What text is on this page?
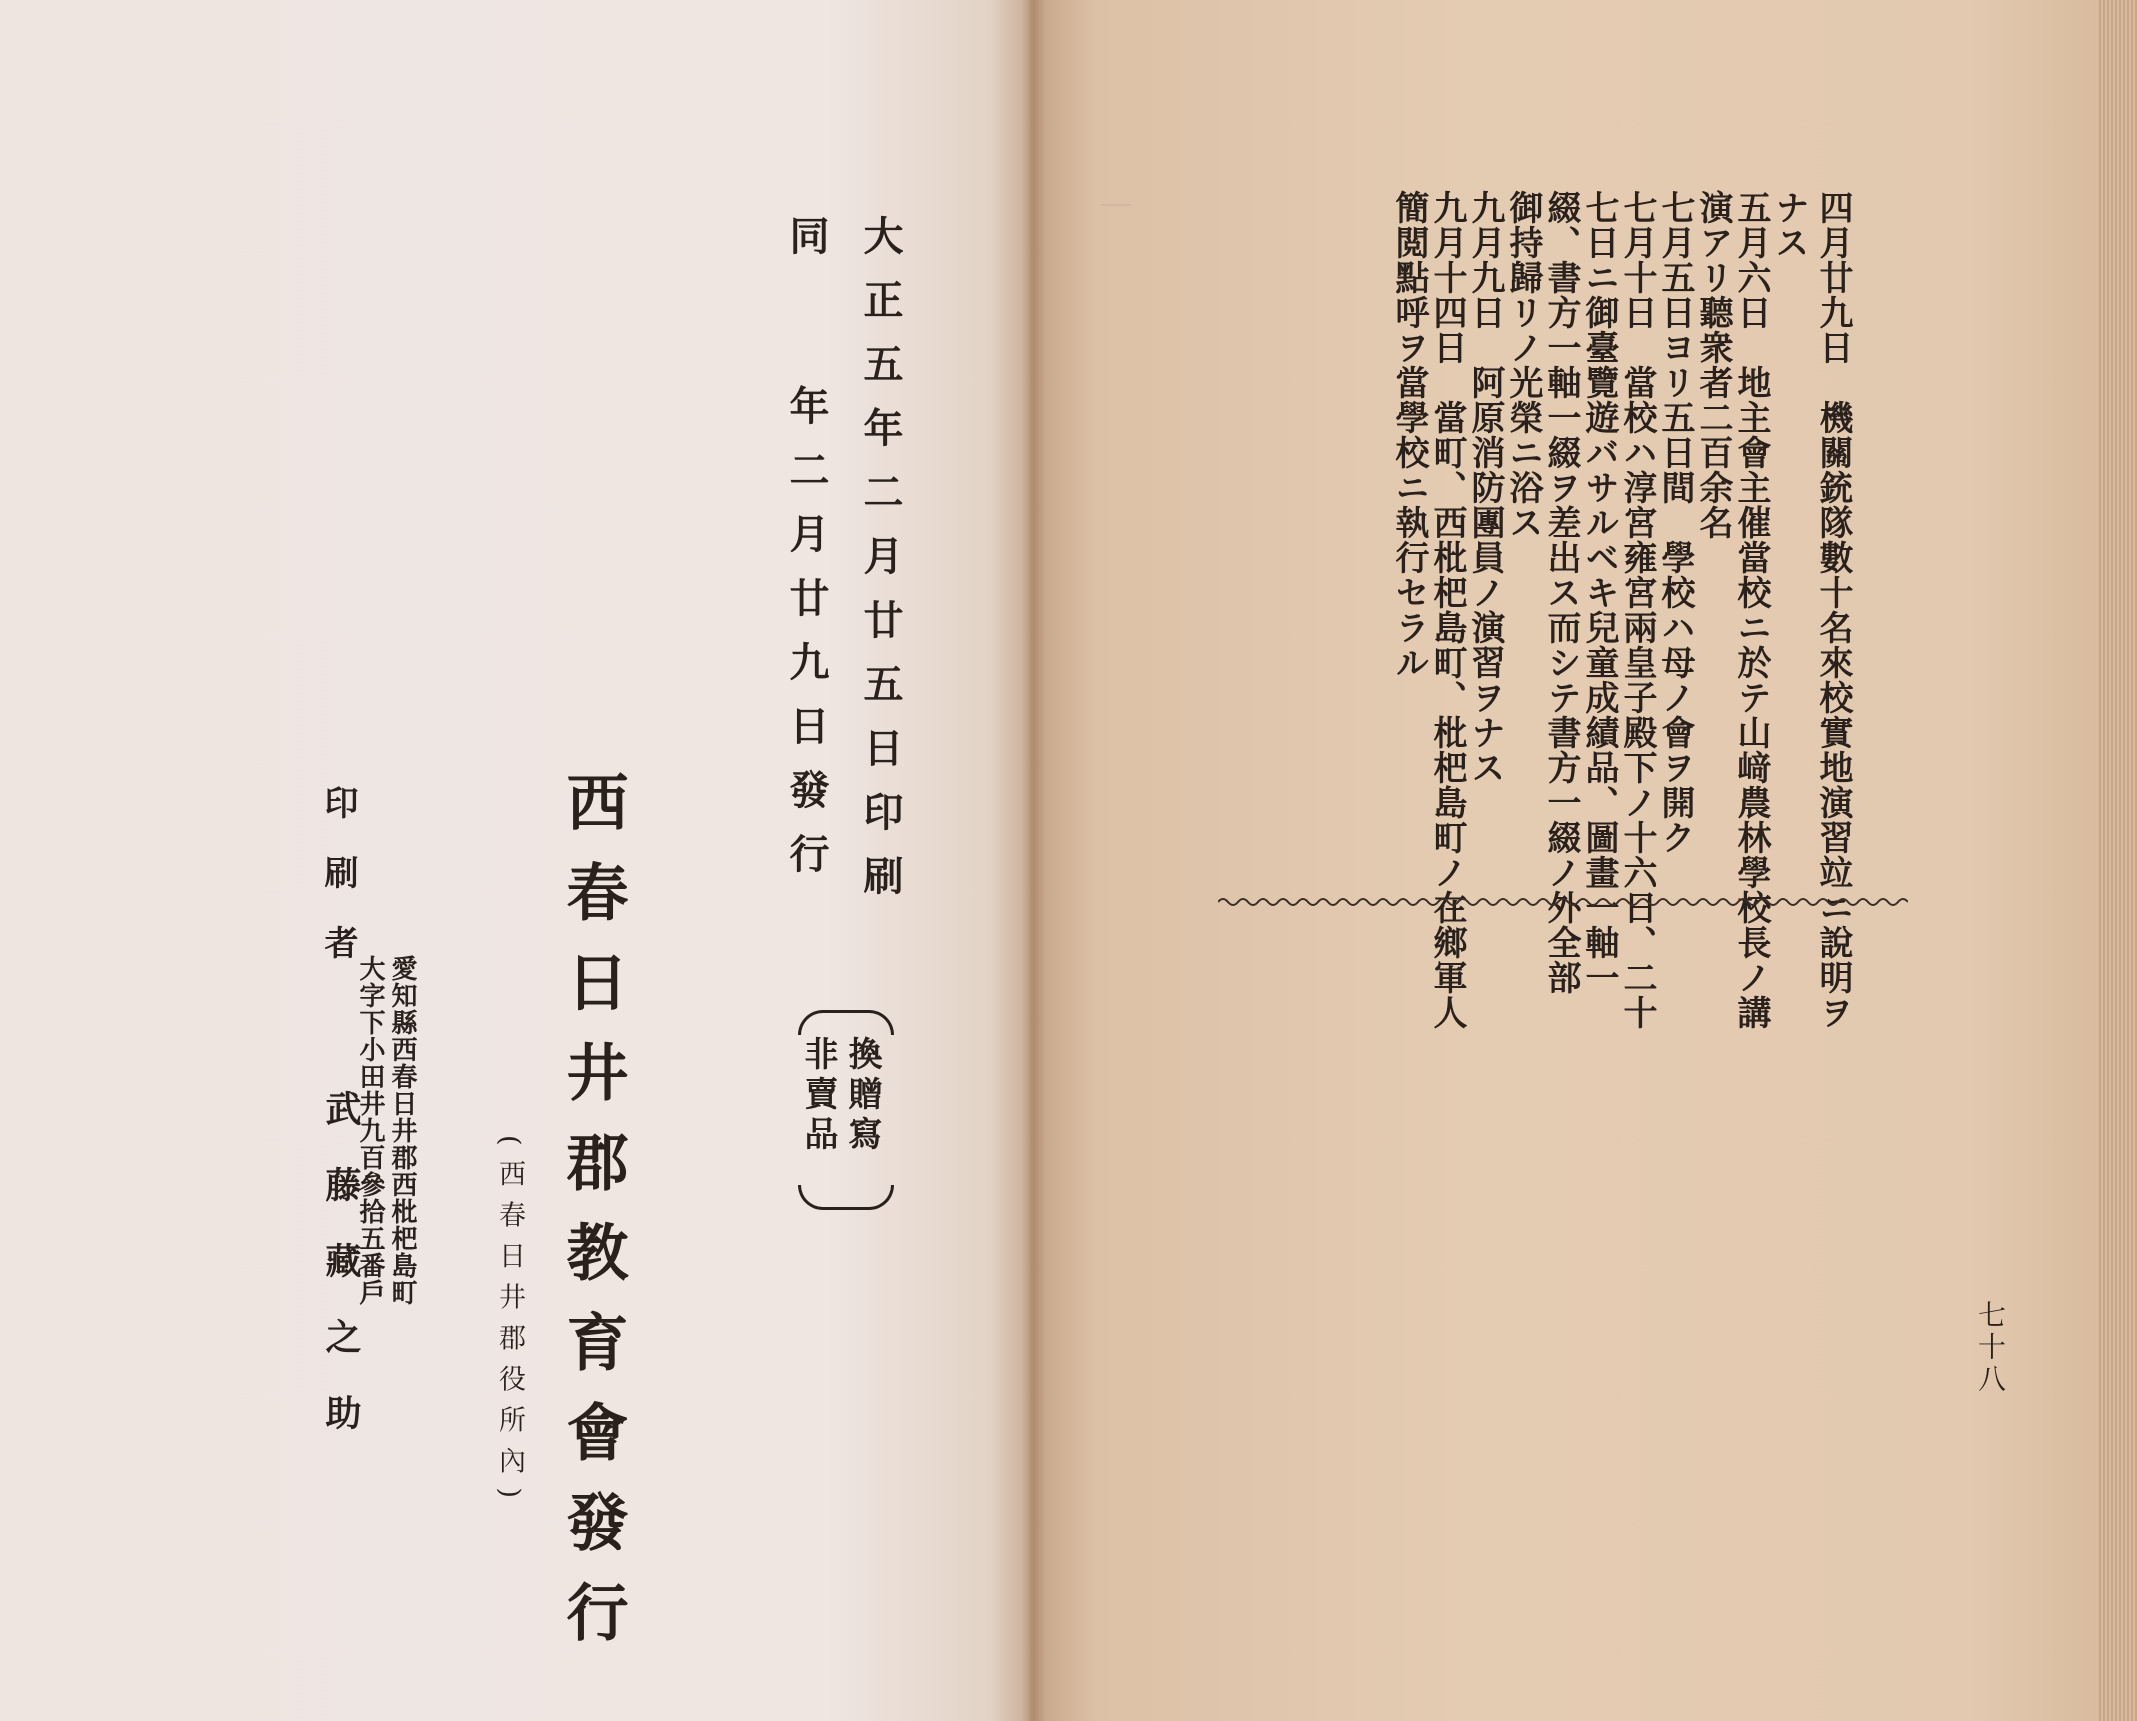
大正五年二月廿五日印刷
同
年二月廿九日發行
換贈寫
非賣品
西春日井郡教育會發行
(西春日井郡役所內)
印刷者
愛知縣西春日井郡西枇杷島町
大字下小田井九百參拾五番戶
武藤藏之助
｜	四月廿九日　機關銃隊數十名來校實地演習竝ニ說明ヲ
ナス
五月六日　地主會主催當校ニ於テ山﨑農林學校長ノ講
演アリ聽衆者二百余名
七月五日ヨリ五日間　學校ハ母ノ會ヲ開ク
七月十日　當校ハ淳宮雍宮兩皇子殿下ノ十六日、二十
七日ニ御臺覽遊バサルベキ兒童成績品、圖畫一軸一
綴、書方一軸一綴ヲ差出ス而シテ書方一綴ノ外全部
御持歸リノ光榮ニ浴ス
九月九日　阿原消防團員ノ演習ヲナス
九月十四日　當町、西枇杷島町、枇杷島町ノ在鄉軍人
簡閲點呼ヲ當學校ニ執行セラル
七十八
